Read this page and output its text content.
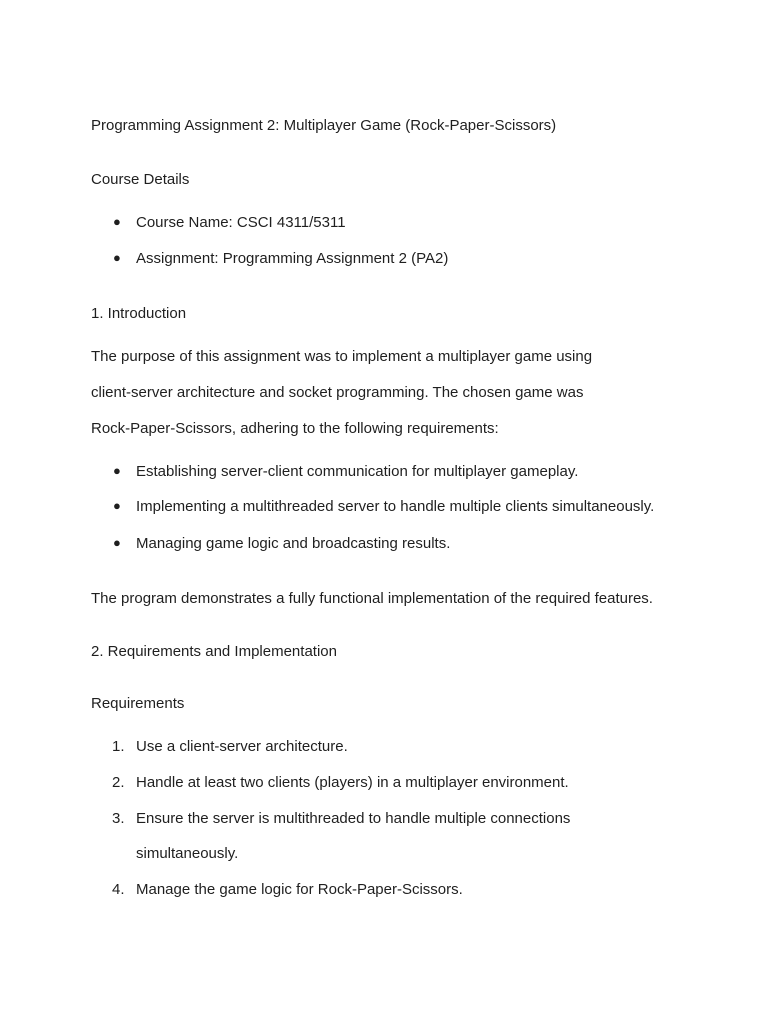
Programming Assignment 2: Multiplayer Game (Rock-Paper-Scissors)
Course Details
● Course Name: CSCI 4311/5311
● Assignment: Programming Assignment 2 (PA2)
1. Introduction
The purpose of this assignment was to implement a multiplayer game using
client-server architecture and socket programming. The chosen game was
Rock-Paper-Scissors, adhering to the following requirements:
● Establishing server-client communication for multiplayer gameplay.
● Implementing a multithreaded server to handle multiple clients simultaneously.
● Managing game logic and broadcasting results.
The program demonstrates a fully functional implementation of the required features.
2. Requirements and Implementation
Requirements
1. Use a client-server architecture.
2. Handle at least two clients (players) in a multiplayer environment.
3. Ensure the server is multithreaded to handle multiple connections
simultaneously.
4. Manage the game logic for Rock-Paper-Scissors.
